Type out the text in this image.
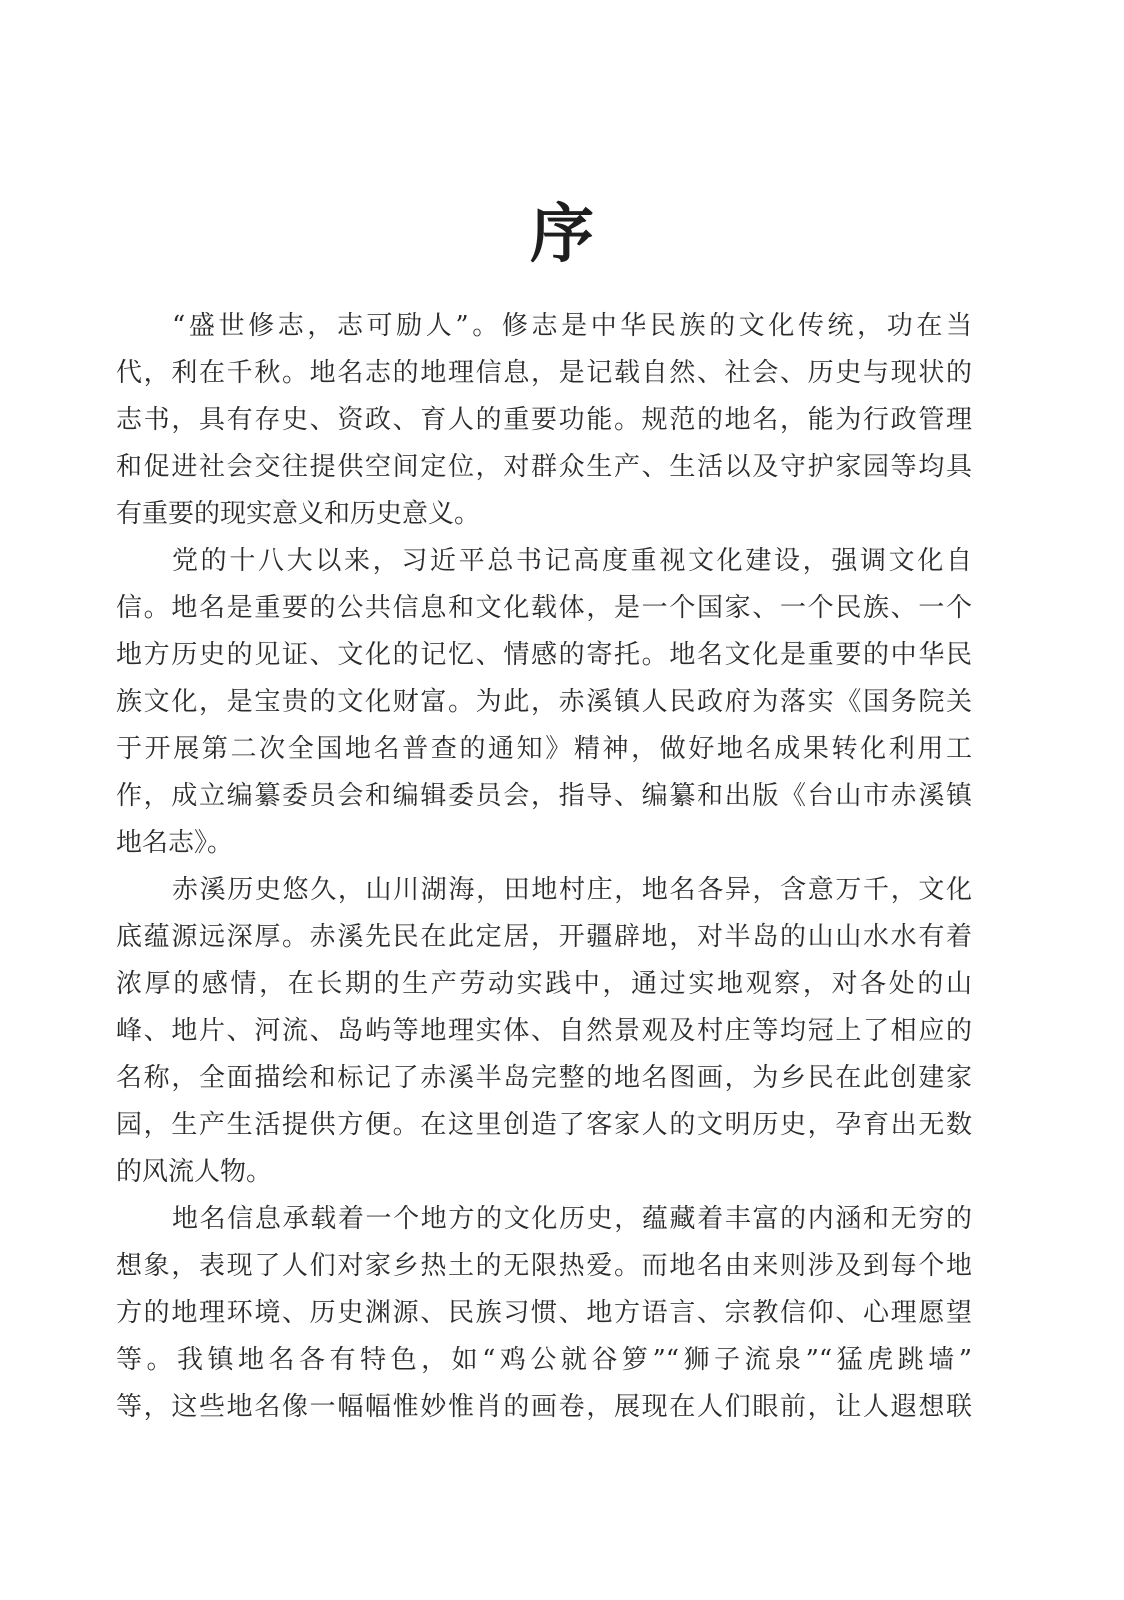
序
“盛世修志，志可励人”。修志是中华民族的文化传统，功在当
代，利在千秋。地名志的地理信息，是记载自然、社会、历史与现状的
志书，具有存史、资政、育人的重要功能。规范的地名，能为行政管理
和促进社会交往提供空间定位，对群众生产、生活以及守护家园等均具
有重要的现实意义和历史意义。
党的十八大以来，习近平总书记高度重视文化建设，强调文化自
信。地名是重要的公共信息和文化载体，是一个国家、一个民族、一个
地方历史的见证、文化的记忆、情感的寄托。地名文化是重要的中华民
族文化，是宝贵的文化财富。为此，赤溪镇人民政府为落实《国务院关
于开展第二次全国地名普查的通知》精神，做好地名成果转化利用工
作，成立编纂委员会和编辑委员会，指导、编纂和出版《台山市赤溪镇
地名志》。
赤溪历史悠久，山川湖海，田地村庄，地名各异，含意万千，文化
底蕴源远深厚。赤溪先民在此定居，开疆辟地，对半岛的山山水水有着
浓厚的感情，在长期的生产劳动实践中，通过实地观察，对各处的山
峰、地片、河流、岛屿等地理实体、自然景观及村庄等均冠上了相应的
名称，全面描绘和标记了赤溪半岛完整的地名图画，为乡民在此创建家
园，生产生活提供方便。在这里创造了客家人的文明历史，孕育出无数
的风流人物。
地名信息承载着一个地方的文化历史，蕴藏着丰富的内涵和无穷的
想象，表现了人们对家乡热土的无限热爱。而地名由来则涉及到每个地
方的地理环境、历史渊源、民族习惯、地方语言、宗教信仰、心理愿望
等。我镇地名各有特色，如“鸡公就谷箩”“狮子流泉”“猛虎跳墙”
等，这些地名像一幅幅惟妙惟肖的画卷，展现在人们眼前，让人遐想联
